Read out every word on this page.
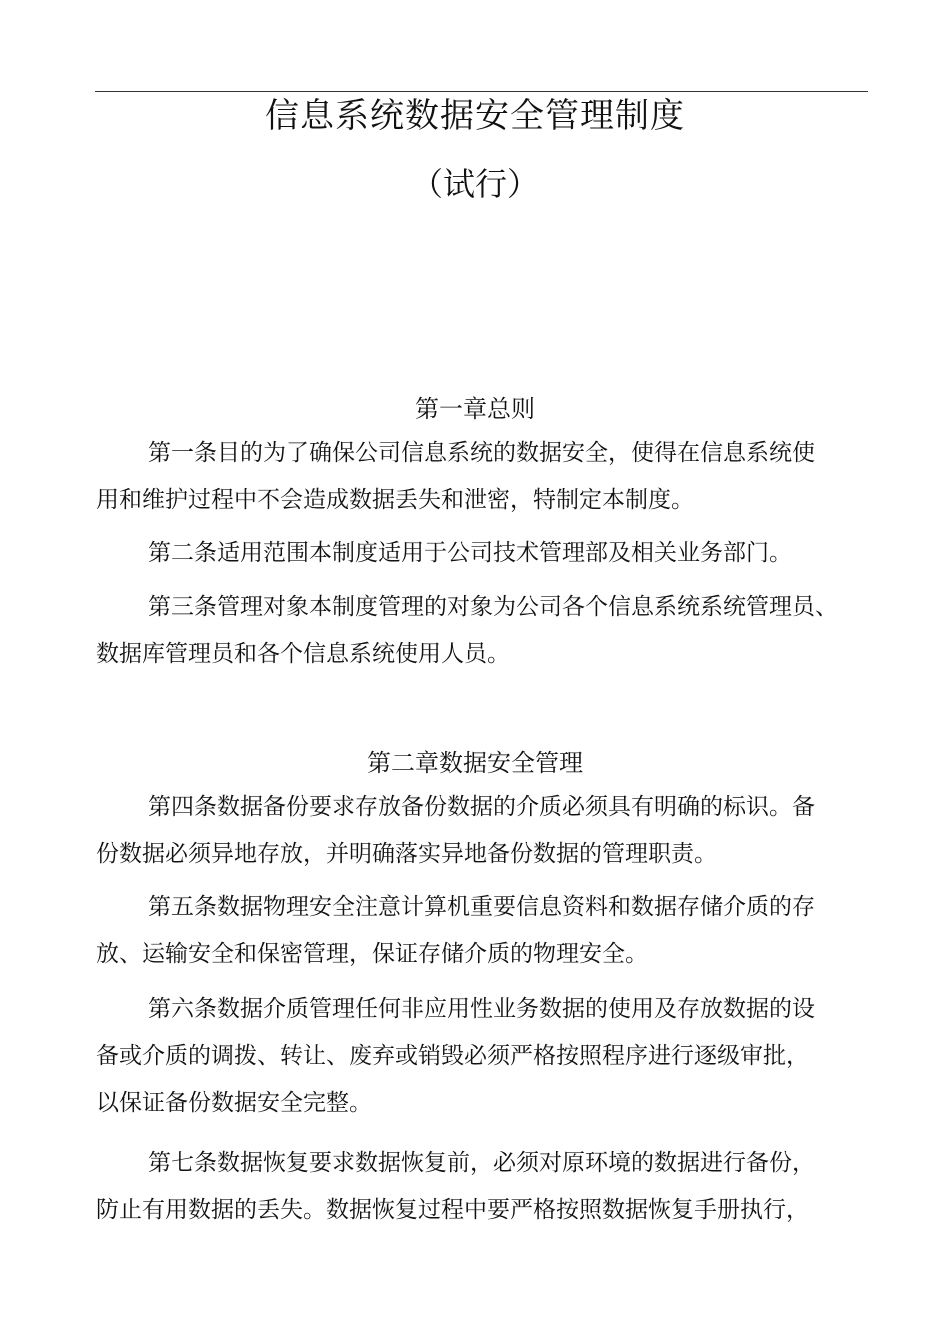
信息系统数据安全管理制度
（试行）
第一章总则
第一条目的为了确保公司信息系统的数据安全，使得在信息系统使
用和维护过程中不会造成数据丢失和泄密，特制定本制度。
第二条适用范围本制度适用于公司技术管理部及相关业务部门。
第三条管理对象本制度管理的对象为公司各个信息系统系统管理员、
数据库管理员和各个信息系统使用人员。
第二章数据安全管理
第四条数据备份要求存放备份数据的介质必须具有明确的标识。备
份数据必须异地存放，并明确落实异地备份数据的管理职责。
第五条数据物理安全注意计算机重要信息资料和数据存储介质的存
放、运输安全和保密管理，保证存储介质的物理安全。
第六条数据介质管理任何非应用性业务数据的使用及存放数据的设
备或介质的调拨、转让、废弃或销毁必须严格按照程序进行逐级审批，
以保证备份数据安全完整。
第七条数据恢复要求数据恢复前，必须对原环境的数据进行备份，
防止有用数据的丢失。数据恢复过程中要严格按照数据恢复手册执行，
